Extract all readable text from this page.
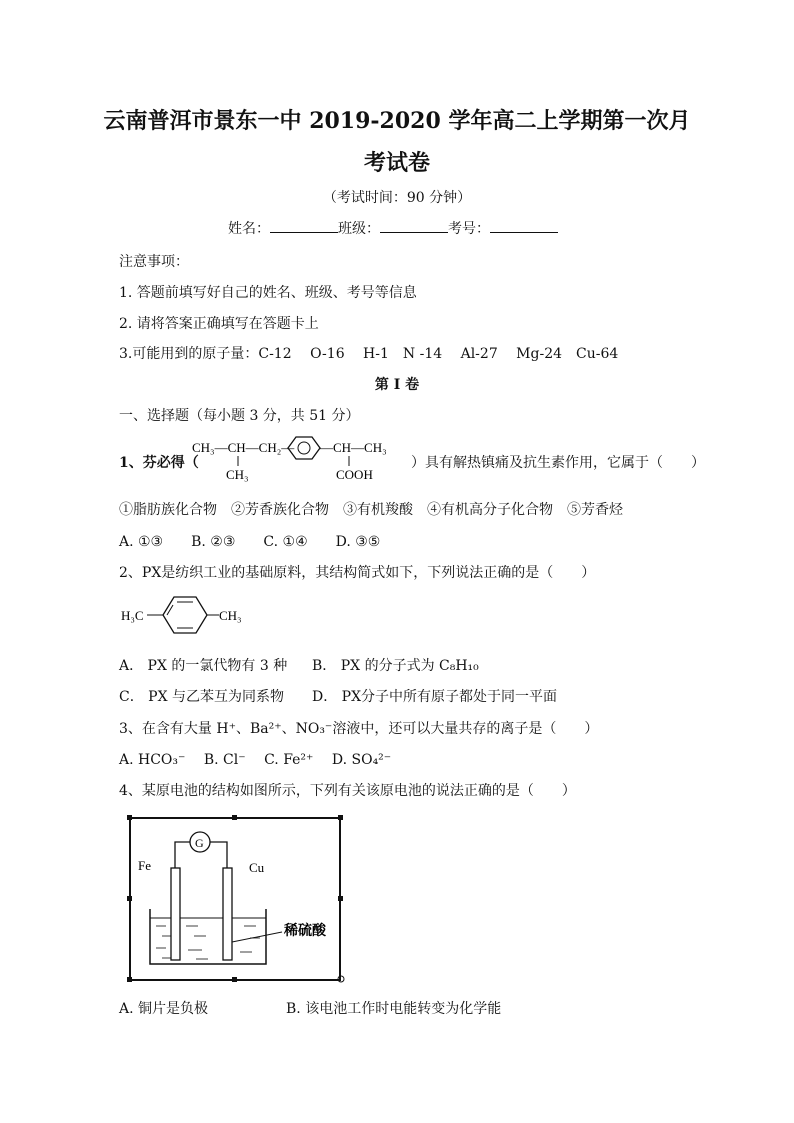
云南普洱市景东一中 2019-2020 学年高二上学期第一次月
考试卷
（考试时间：90 分钟）
姓名：	班级：	考号：
注意事项：
1. 答题前填写好自己的姓名、班级、考号等信息
2. 请将答案正确填写在答题卡上
3.可能用到的原子量：C-12　 O-16　 H-1　N -14　 Al-27　 Mg-24　Cu-64
第 I 卷
一、选择题（每小题 3 分，共 51 分）
1、芬必得（
CH₃—CH—CH₂—
CH₃
—CH—CH₃
COOH
）具有解热镇痛及抗生素作用，它属于（　　）
①脂肪族化合物　②芳香族化合物　③有机羧酸　④有机高分子化合物　⑤芳香烃
A. ①③　　B. ②③　　C. ①④　　D. ③⑤
2、PX是纺织工业的基础原料，其结构简式如下，下列说法正确的是（　　）
H₃C	CH₃
A． PX 的一氯代物有 3 种 B． PX 的分子式为 C₈H₁₀
C． PX 与乙苯互为同系物 D． PX分子中所有原子都处于同一平面
3、在含有大量 H⁺、Ba²⁺、NO₃⁻溶液中，还可以大量共存的离子是（　　）
A. HCO₃⁻　 B. Cl⁻　 C. Fe²⁺　 D. SO₄²⁻
4、某原电池的结构如图所示，下列有关该原电池的说法正确的是（　　）
G
Fe	Cu
稀硫酸
A. 铜片是负极	B. 该电池工作时电能转变为化学能
